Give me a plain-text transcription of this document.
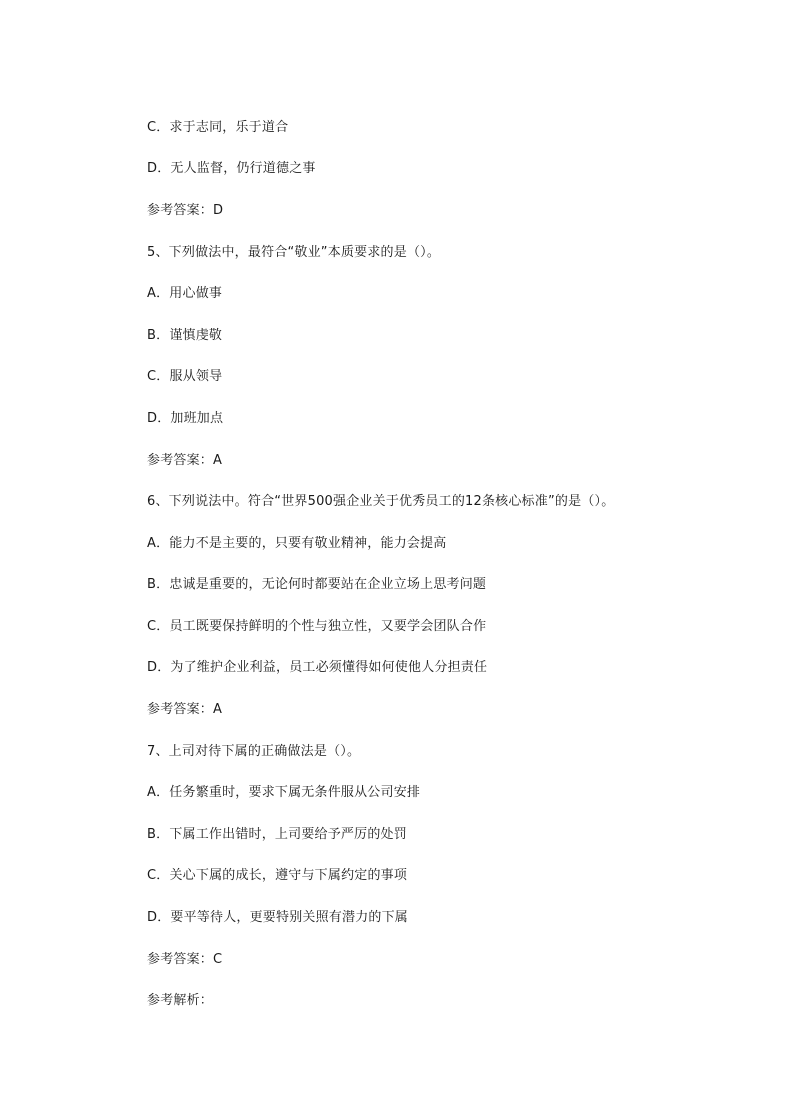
C．求于志同，乐于道合
D．无人监督，仍行道德之事
参考答案：D
5、下列做法中，最符合“敬业”本质要求的是（）。
A．用心做事
B．谨慎虔敬
C．服从领导
D．加班加点
参考答案：A
6、下列说法中。符合“世界500强企业关于优秀员工的12条核心标准”的是（）。
A．能力不是主要的，只要有敬业精神，能力会提高
B．忠诚是重要的，无论何时都要站在企业立场上思考问题
C．员工既要保持鲜明的个性与独立性，又要学会团队合作
D．为了维护企业利益，员工必须懂得如何使他人分担责任
参考答案：A
7、上司对待下属的正确做法是（）。
A．任务繁重时，要求下属无条件服从公司安排
B．下属工作出错时，上司要给予严厉的处罚
C．关心下属的成长，遵守与下属约定的事项
D．要平等待人，更要特别关照有潜力的下属
参考答案：C
参考解析：
